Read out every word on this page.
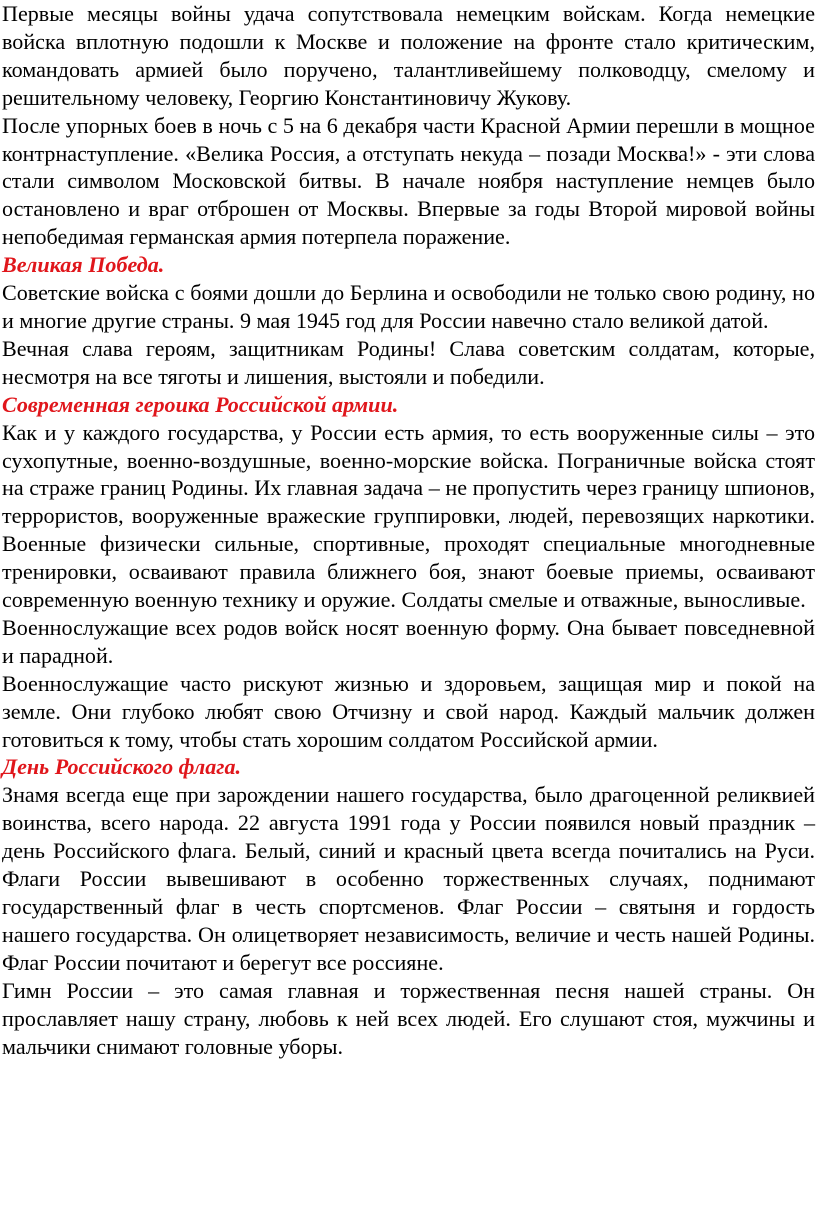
Первые месяцы войны удача сопутствовала немецким войскам. Когда немецкие войска вплотную подошли к Москве и положение на фронте стало критическим, командовать армией было поручено, талантливейшему полководцу, смелому и решительному человеку, Георгию Константиновичу Жукову.

После упорных боев в ночь с 5 на 6 декабря части Красной Армии перешли в мощное контрнаступление. «Велика Россия, а отступать некуда – позади Москва!» - эти слова стали символом Московской битвы. В начале ноября наступление немцев было остановлено и враг отброшен от Москвы. Впервые за годы Второй мировой войны непобедимая германская армия потерпела поражение.

Великая Победа.

Советские войска с боями дошли до Берлина и освободили не только свою родину, но и многие другие страны. 9 мая 1945 год для России навечно стало великой датой.

Вечная слава героям, защитникам Родины! Слава советским солдатам, которые, несмотря на все тяготы и лишения, выстояли и победили.

Современная героика Российской армии.

Как и у каждого государства, у России есть армия, то есть вооруженные силы – это сухопутные, военно-воздушные, военно-морские войска. Пограничные войска стоят на страже границ Родины. Их главная задача – не пропустить через границу шпионов, террористов, вооруженные вражеские группировки, людей, перевозящих наркотики. Военные физически сильные, спортивные, проходят специальные многодневные тренировки, осваивают правила ближнего боя, знают боевые приемы, осваивают современную военную технику и оружие. Солдаты смелые и отважные, выносливые.

Военнослужащие всех родов войск носят военную форму. Она бывает повседневной и парадной.

Военнослужащие часто рискуют жизнью и здоровьем, защищая мир и покой на земле. Они глубоко любят свою Отчизну и свой народ. Каждый мальчик должен готовиться к тому, чтобы стать хорошим солдатом Российской армии.

День Российского флага.

Знамя всегда еще при зарождении нашего государства, было драгоценной реликвией воинства, всего народа. 22 августа 1991 года у России появился новый праздник – день Российского флага. Белый, синий и красный цвета всегда почитались на Руси. Флаги России вывешивают в особенно торжественных случаях, поднимают государственный флаг в честь спортсменов. Флаг России – святыня и гордость нашего государства. Он олицетворяет независимость, величие и честь нашей Родины. Флаг России почитают и берегут все россияне.

Гимн России – это самая главная и торжественная песня нашей страны. Он прославляет нашу страну, любовь к ней всех людей. Его слушают стоя, мужчины и мальчики снимают головные уборы.
